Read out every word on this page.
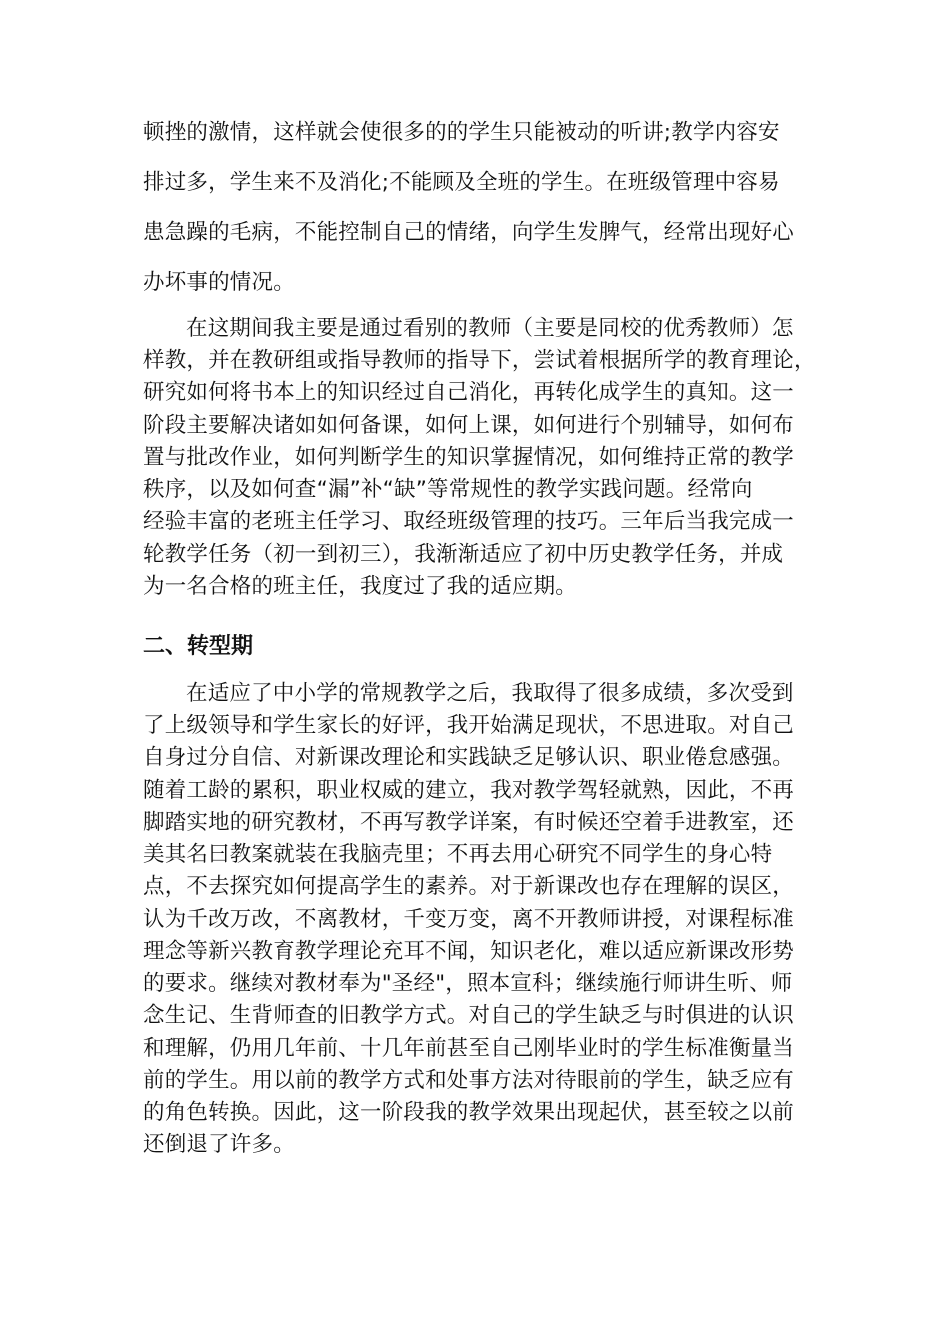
顿挫的激情，这样就会使很多的的学生只能被动的听讲;教学内容安
排过多，学生来不及消化;不能顾及全班的学生。在班级管理中容易
患急躁的毛病，不能控制自己的情绪，向学生发脾气，经常出现好心
办坏事的情况。
在这期间我主要是通过看别的教师（主要是同校的优秀教师）怎
样教，并在教研组或指导教师的指导下，尝试着根据所学的教育理论，
研究如何将书本上的知识经过自己消化，再转化成学生的真知。这一
阶段主要解决诸如如何备课，如何上课，如何进行个别辅导，如何布
置与批改作业，如何判断学生的知识掌握情况，如何维持正常的教学
秩序，以及如何查“漏”补“缺”等常规性的教学实践问题。经常向
经验丰富的老班主任学习、取经班级管理的技巧。三年后当我完成一
轮教学任务（初一到初三），我渐渐适应了初中历史教学任务，并成
为一名合格的班主任，我度过了我的适应期。
二、转型期
在适应了中小学的常规教学之后，我取得了很多成绩，多次受到
了上级领导和学生家长的好评，我开始满足现状，不思进取。对自己
自身过分自信、对新课改理论和实践缺乏足够认识、职业倦怠感强。
随着工龄的累积，职业权威的建立，我对教学驾轻就熟，因此，不再
脚踏实地的研究教材，不再写教学详案，有时候还空着手进教室，还
美其名曰教案就装在我脑壳里；不再去用心研究不同学生的身心特
点，不去探究如何提高学生的素养。对于新课改也存在理解的误区，
认为千改万改，不离教材，千变万变，离不开教师讲授，对课程标准
理念等新兴教育教学理论充耳不闻，知识老化，难以适应新课改形势
的要求。继续对教材奉为"圣经"，照本宣科；继续施行师讲生听、师
念生记、生背师查的旧教学方式。对自己的学生缺乏与时俱进的认识
和理解，仍用几年前、十几年前甚至自己刚毕业时的学生标准衡量当
前的学生。用以前的教学方式和处事方法对待眼前的学生，缺乏应有
的角色转换。因此，这一阶段我的教学效果出现起伏，甚至较之以前
还倒退了许多。
